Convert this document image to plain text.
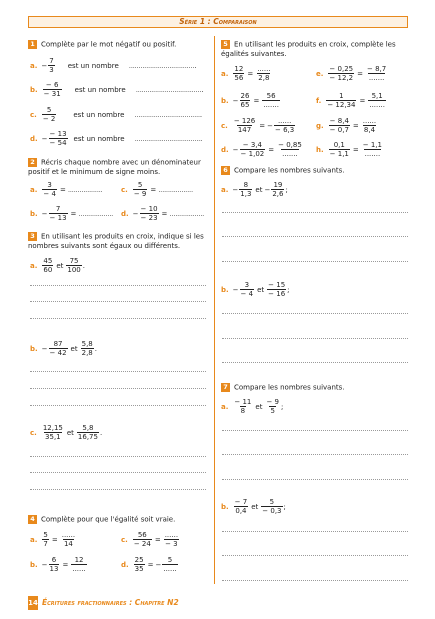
Série 1 : Comparaison
1 Complète par le mot négatif ou positif.
a. − $\frac{7}{3}$ est un nombre .................................. .
b. $\frac{- 6}{- 31}$ est un nombre .................................. .
c. $\frac{5}{- 2}$ est un nombre .................................. .
d. − $\frac{- 13}{- 54}$ est un nombre .................................. .
2 Récris chaque nombre avec un dénominateur
positif et le minimum de signe moins.
a. $\frac{3}{- 4}$ = ..................	c. $\frac{5}{- 9}$ = ..................
b. − $\frac{7}{- 13}$ = .................. d. − $\frac{- 10}{- 23}$ = ..................
3 En utilisant les produits en croix, indique si les
nombres suivants sont égaux ou différents.
a. $\frac{45}{60}$ et $\frac{75}{100}$ .
b. − $\frac{87}{- 42}$ et $\frac{5,8}{2,8}$ .
c. $\frac{12,15}{35,1}$ et $\frac{5,8}{16,75}$ .
4 Complète pour que l'égalité soit vraie.
a. $\frac{5}{7} = \frac{......}{14}$	c. $\frac{56}{- 24} = \frac{......}{- 3}$
b. − $\frac{6}{13} = \frac{12}{......}$	d. $\frac{25}{35}$ = − $\frac{5}{......}$
5 En utilisant les produits en croix, complète les
égalités suivantes.
a. $\frac{12}{56} = \frac{......}{2,8}$	e. $\frac{- 0,25}{- 12,2} = \frac{- 8,7}{.......}$
b. − $\frac{26}{65} = \frac{56}{.......}$	f. $\frac{1}{- 12,34} = \frac{5,1}{.......}$
c. $\frac{- 126}{147}$ = − $\frac{......}{- 6,3}$	g. $\frac{- 8,4}{- 0,7} = \frac{......}{8,4}$
d. − $\frac{- 3,4}{- 1,02} = \frac{- 0,85}{.......} h$. $\frac{0,1}{- 1,1} = \frac{- 1,1}{.......}$
6 Compare les nombres suivants.
a. − $\frac{8}{1,3}$ et − $\frac{19}{2,6}$ ;
b. − $\frac{3}{- 4}$ et $\frac{- 15}{- 16}$ ;
7 Compare les nombres suivants.
a. $\frac{- 11}{8}$ et $\frac{- 9}{5}$ ;
b. $\frac{- 7}{0,4}$ et $\frac{5}{- 0,3}$ ;
14 Écritures fractionnaires : Chapitre N2
